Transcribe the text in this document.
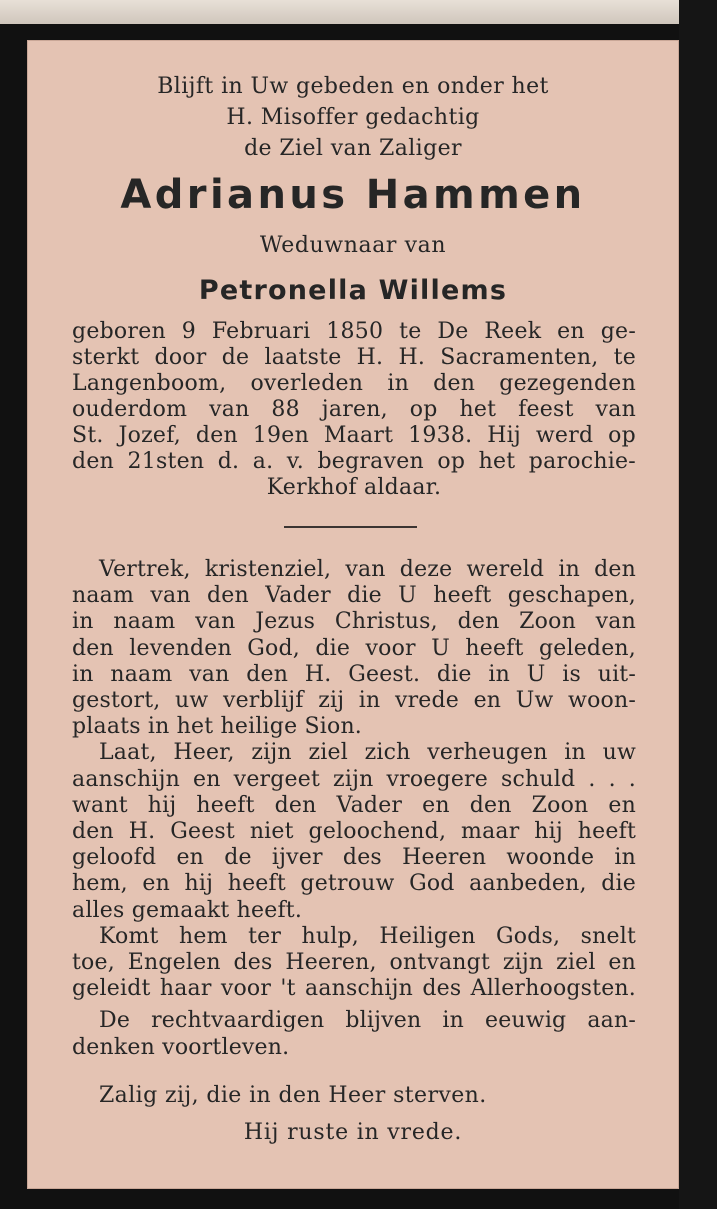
Blijft in Uw gebeden en onder het
H. Misoffer gedachtig
de Ziel van Zaliger
Adrianus Hammen
Weduwnaar van
Petronella Willems
geboren 9 Februari 1850 te De Reek en ge-
sterkt door de laatste H. H. Sacramenten, te
Langenboom, overleden in den gezegenden
ouderdom van 88 jaren, op het feest van
St. Jozef, den 19en Maart 1938. Hij werd op
den 21sten d. a. v. begraven op het parochie-
Kerkhof aldaar.
Vertrek, kristenziel, van deze wereld in den
naam van den Vader die U heeft geschapen,
in naam van Jezus Christus, den Zoon van
den levenden God, die voor U heeft geleden,
in naam van den H. Geest. die in U is uit-
gestort, uw verblijf zij in vrede en Uw woon-
plaats in het heilige Sion.
Laat, Heer, zijn ziel zich verheugen in uw
aanschijn en vergeet zijn vroegere schuld . . .
want hij heeft den Vader en den Zoon en
den H. Geest niet geloochend, maar hij heeft
geloofd en de ijver des Heeren woonde in
hem, en hij heeft getrouw God aanbeden, die
alles gemaakt heeft.
Komt hem ter hulp, Heiligen Gods, snelt
toe, Engelen des Heeren, ontvangt zijn ziel en
geleidt haar voor 't aanschijn des Allerhoogsten.
De rechtvaardigen blijven in eeuwig aan-
denken voortleven.
Zalig zij, die in den Heer sterven.
Hij ruste in vrede.
